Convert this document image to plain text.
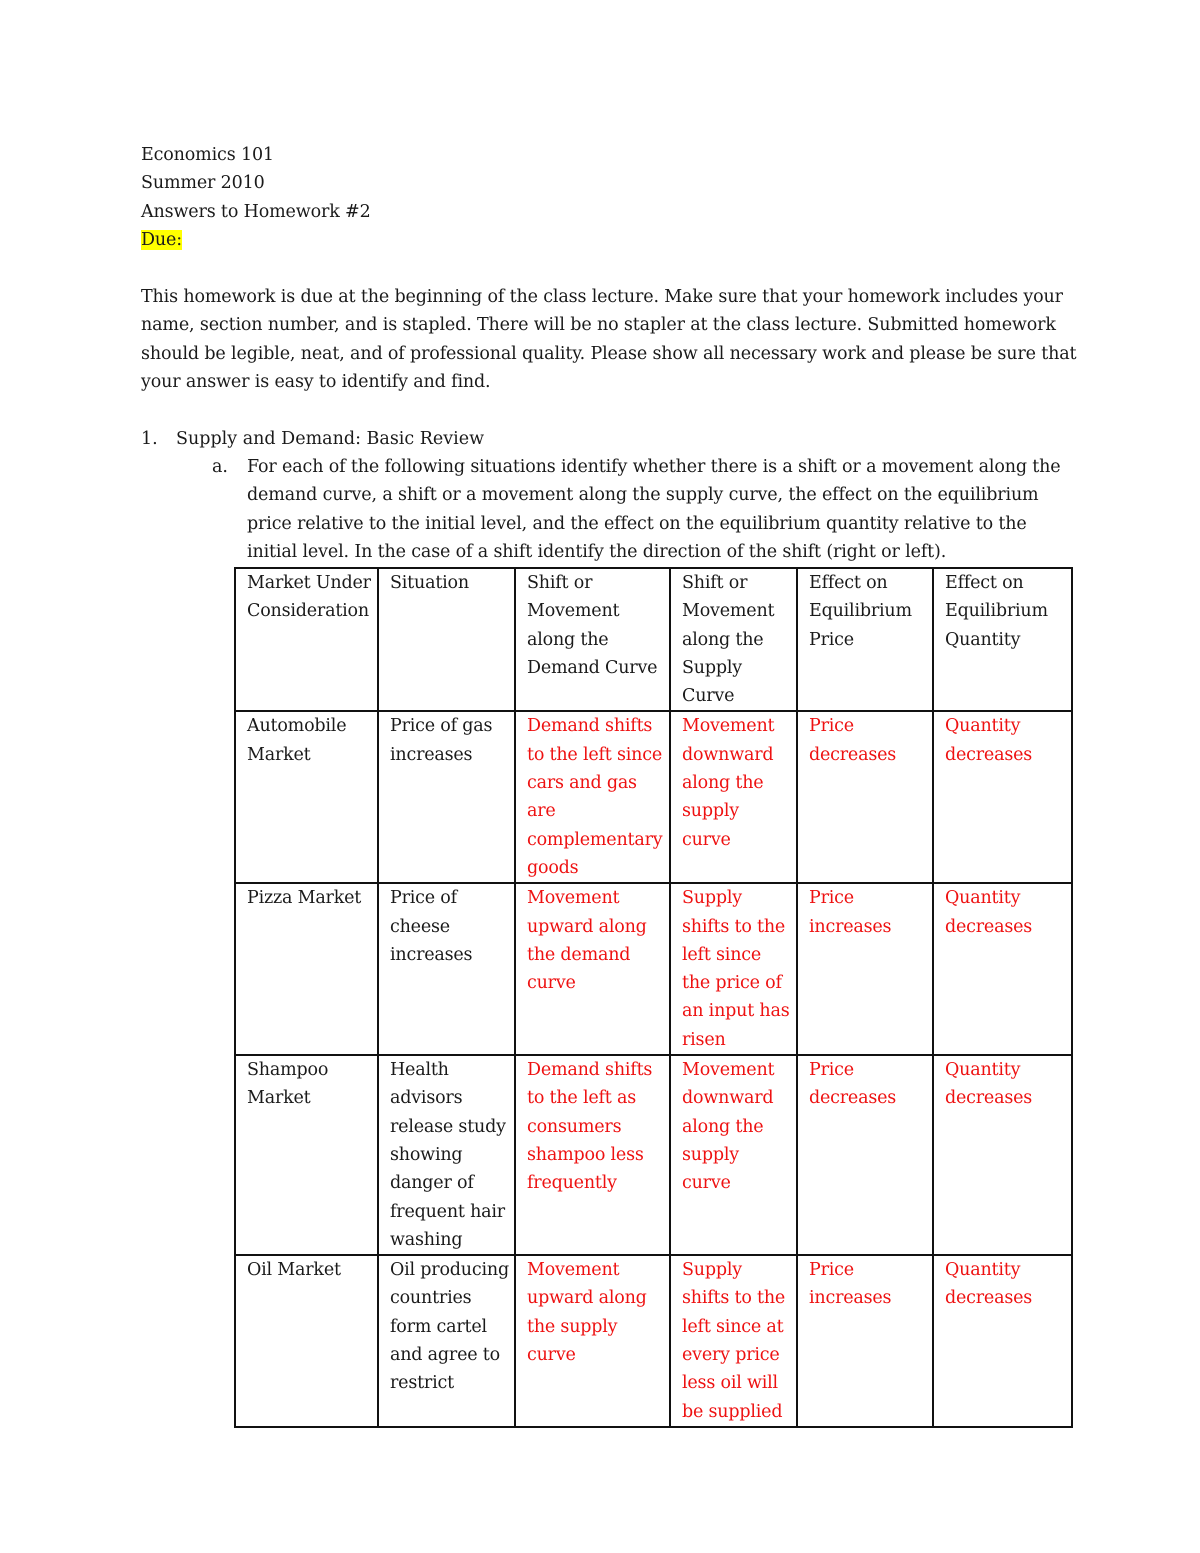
Economics 101
Summer 2010
Answers to Homework #2
Due:
This homework is due at the beginning of the class lecture. Make sure that your homework includes your
name, section number, and is stapled. There will be no stapler at the class lecture. Submitted homework
should be legible, neat, and of professional quality. Please show all necessary work and please be sure that
your answer is easy to identify and find.
1. Supply and Demand: Basic Review
a. For each of the following situations identify whether there is a shift or a movement along the
demand curve, a shift or a movement along the supply curve, the effect on the equilibrium
price relative to the initial level, and the effect on the equilibrium quantity relative to the
initial level. In the case of a shift identify the direction of the shift (right or left).
Market Under Consideration	Situation	Shift or Movement along the Demand Curve	Shift or Movement along the Supply Curve	Effect on Equilibrium Price	Effect on Equilibrium Quantity
Automobile Market	Price of gas increases	Demand shifts to the left since cars and gas are complementary goods	Movement downward along the supply curve	Price decreases	Quantity decreases
Pizza Market	Price of cheese increases	Movement upward along the demand curve	Supply shifts to the left since the price of an input has risen	Price increases	Quantity decreases
Shampoo Market	Health advisors release study showing danger of frequent hair washing	Demand shifts to the left as consumers shampoo less frequently	Movement downward along the supply curve	Price decreases	Quantity decreases
Oil Market	Oil producing countries form cartel and agree to restrict	Movement upward along the supply curve	Supply shifts to the left since at every price less oil will be supplied	Price increases	Quantity decreases
